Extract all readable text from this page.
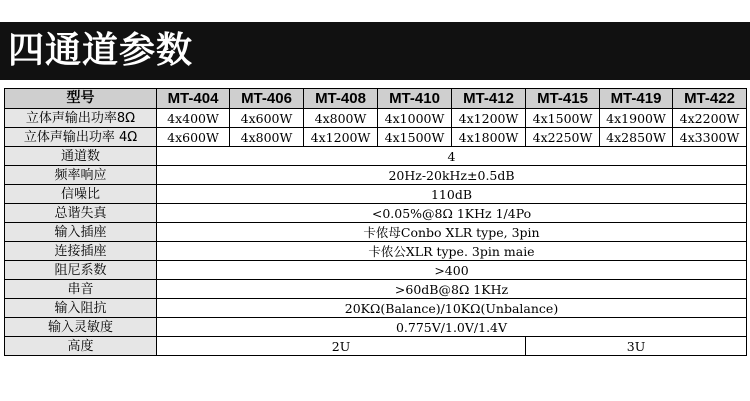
四通道参数
型号	MT-404	MT-406	MT-408	MT-410	MT-412	MT-415	MT-419	MT-422
立体声输出功率8Ω	4x400W	4x600W	4x800W	4x1000W	4x1200W	4x1500W	4x1900W	4x2200W
立体声输出功率 4Ω	4x600W	4x800W	4x1200W	4x1500W	4x1800W	4x2250W	4x2850W	4x3300W
通道数	4							
频率响应	20Hz-20kHz±0.5dB							
信噪比	110dB							
总谐失真	<0.05%@8Ω 1KHz 1/4Po							
输入插座	卡侬母Conbo XLR type, 3pin							
连接插座	卡侬公XLR type. 3pin maie							
阻尼系数	>400							
串音	>60dB@8Ω 1KHz							
输入阻抗	20KΩ(Balance)/10KΩ(Unbalance)							
输入灵敏度	0.775V/1.0V/1.4V							
高度	2U					3U		
